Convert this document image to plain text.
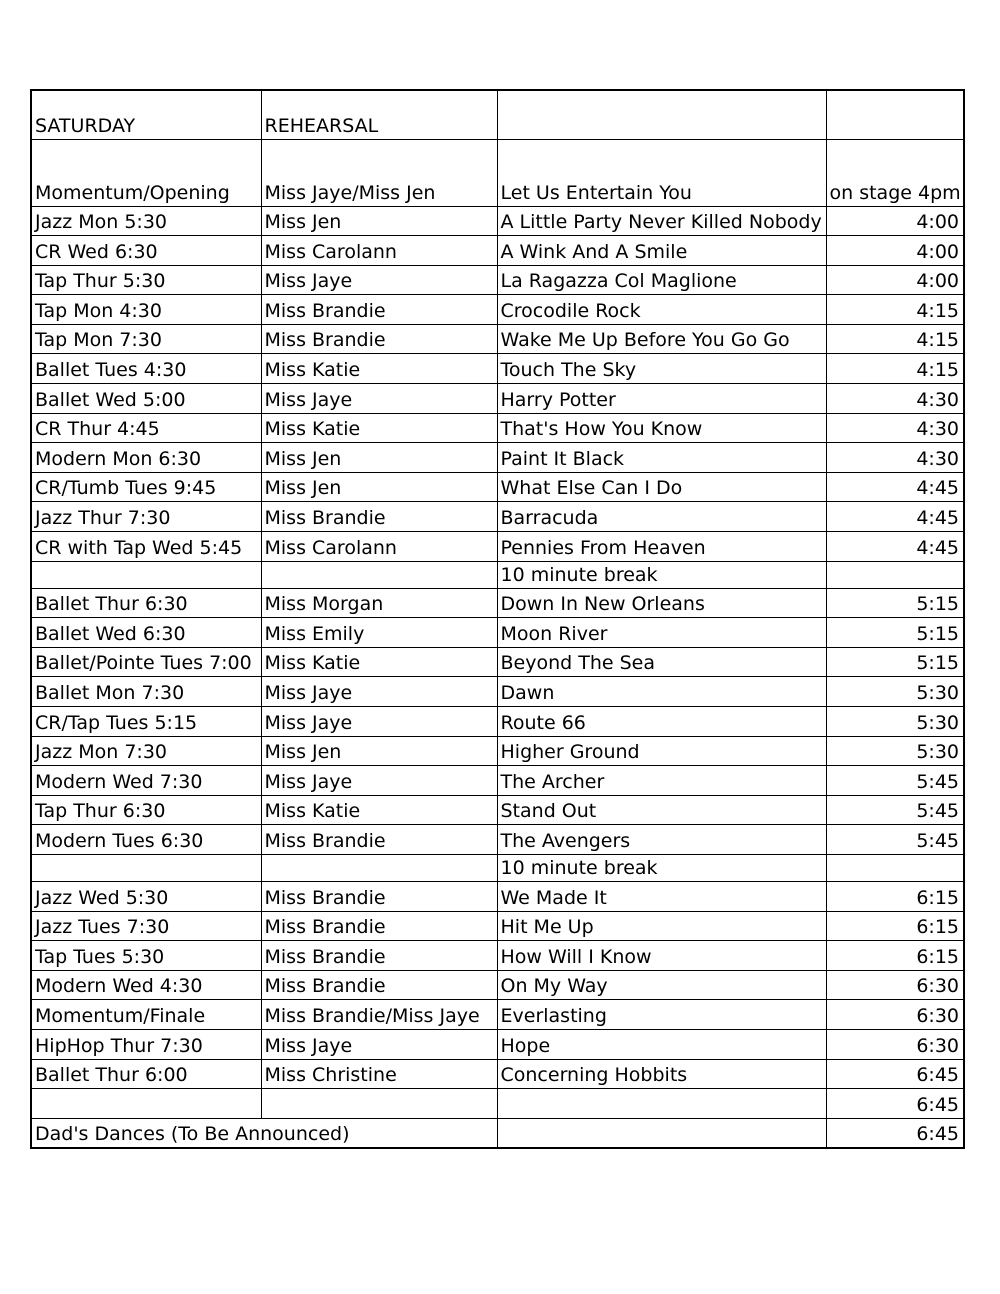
SATURDAY	REHEARSAL		
Momentum/Opening	Miss Jaye/Miss Jen	Let Us Entertain You	on stage 4pm
Jazz Mon 5:30	Miss Jen	A Little Party Never Killed Nobody	4:00
CR Wed 6:30	Miss Carolann	A Wink And A Smile	4:00
Tap Thur 5:30	Miss Jaye	La Ragazza Col Maglione	4:00
Tap Mon 4:30	Miss Brandie	Crocodile Rock	4:15
Tap Mon 7:30	Miss Brandie	Wake Me Up Before You Go Go	4:15
Ballet Tues 4:30	Miss Katie	Touch The Sky	4:15
Ballet Wed 5:00	Miss Jaye	Harry Potter	4:30
CR Thur 4:45	Miss Katie	That's How You Know	4:30
Modern Mon 6:30	Miss Jen	Paint It Black	4:30
CR/Tumb Tues 9:45	Miss Jen	What Else Can I Do	4:45
Jazz Thur 7:30	Miss Brandie	Barracuda	4:45
CR with Tap Wed 5:45	Miss Carolann	Pennies From Heaven	4:45
		10 minute break	
Ballet Thur 6:30	Miss Morgan	Down In New Orleans	5:15
Ballet Wed 6:30	Miss Emily	Moon River	5:15
Ballet/Pointe Tues 7:00	Miss Katie	Beyond The Sea	5:15
Ballet Mon 7:30	Miss Jaye	Dawn	5:30
CR/Tap Tues 5:15	Miss Jaye	Route 66	5:30
Jazz Mon 7:30	Miss Jen	Higher Ground	5:30
Modern Wed 7:30	Miss Jaye	The Archer	5:45
Tap Thur 6:30	Miss Katie	Stand Out	5:45
Modern Tues 6:30	Miss Brandie	The Avengers	5:45
		10 minute break	
Jazz Wed 5:30	Miss Brandie	We Made It	6:15
Jazz Tues 7:30	Miss Brandie	Hit Me Up	6:15
Tap Tues 5:30	Miss Brandie	How Will I Know	6:15
Modern Wed 4:30	Miss Brandie	On My Way	6:30
Momentum/Finale	Miss Brandie/Miss Jaye	Everlasting	6:30
HipHop Thur 7:30	Miss Jaye	Hope	6:30
Ballet Thur 6:00	Miss Christine	Concerning Hobbits	6:45
			6:45
Dad's Dances (To Be Announced)			6:45
